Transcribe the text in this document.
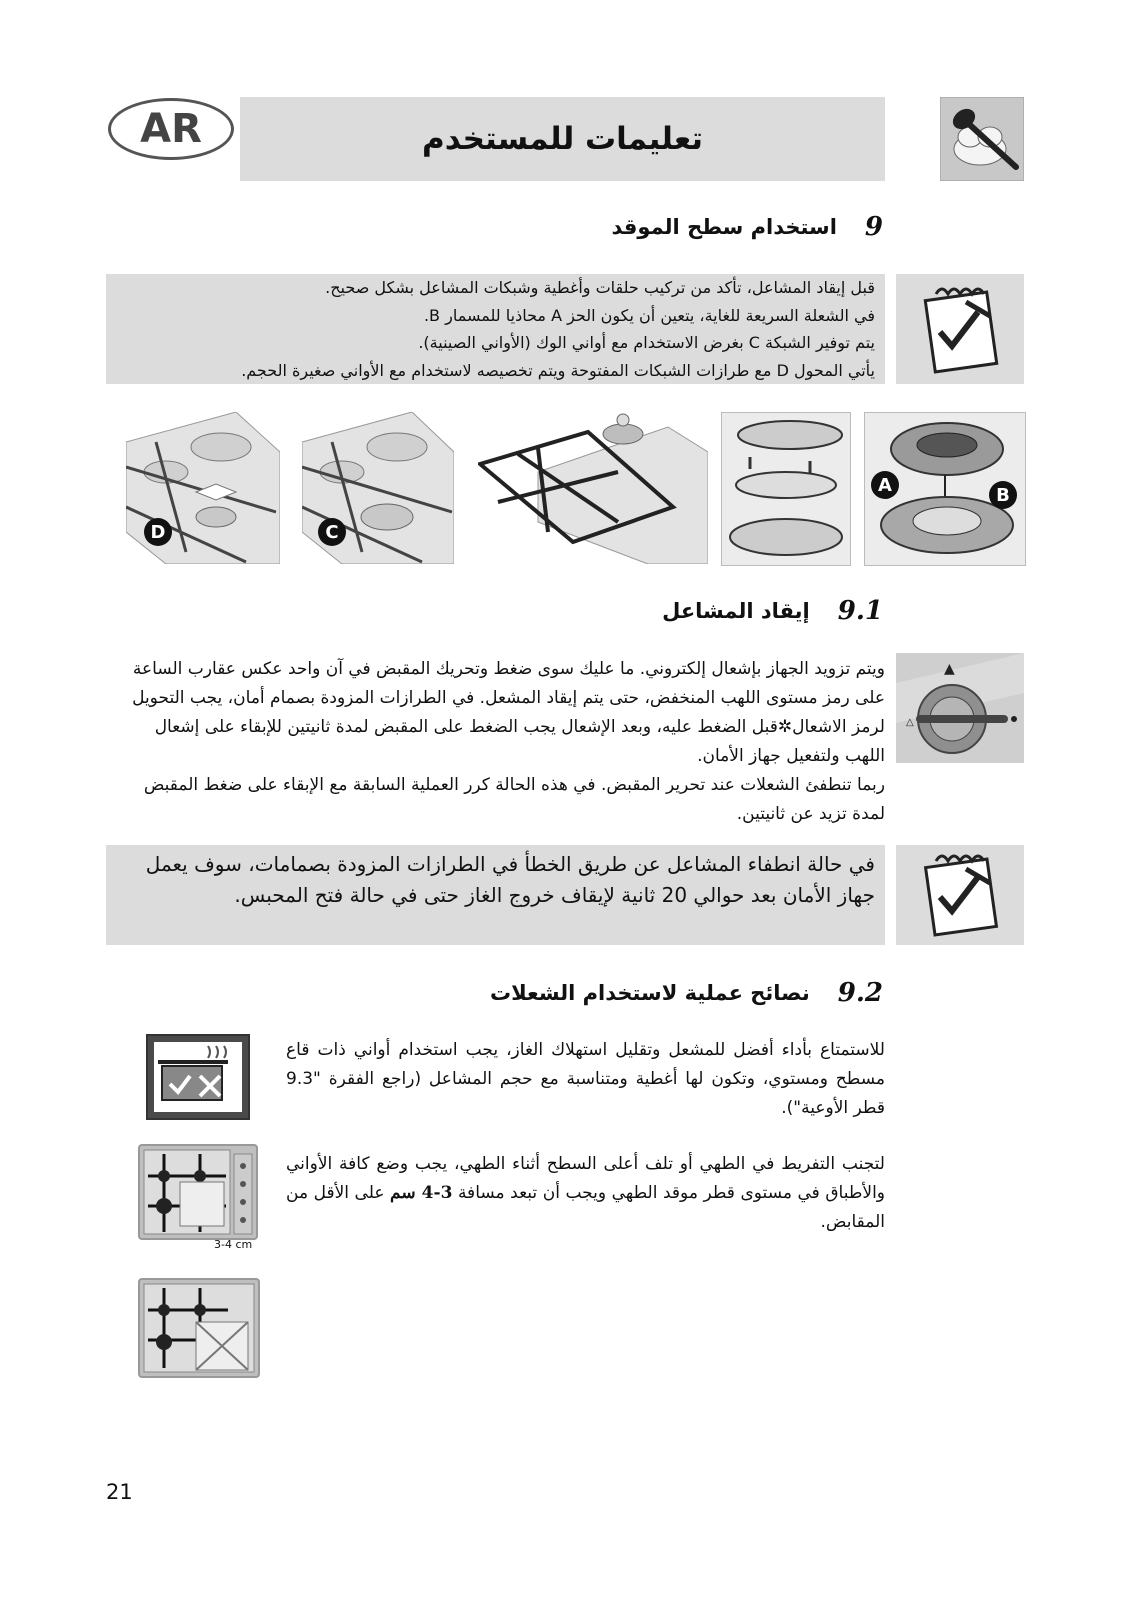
AR	تعليمات للمستخدم
9
استخدام سطح الموقد
قبل إيقاد المشاعل، تأكد من تركيب حلقات وأغطية وشبكات المشاعل بشكل صحيح.
في الشعلة السريعة للغاية، يتعين أن يكون الحز A محاذيا للمسمار B.
يتم توفير الشبكة C بغرض الاستخدام مع أواني الوك (الأواني الصينية).
يأتي المحول D مع طرازات الشبكات المفتوحة ويتم تخصيصه لاستخدام مع الأواني صغيرة الحجم.
D	C
A	B
9.1
إيقاد المشاعل
ويتم تزويد الجهاز بإشعال إلكتروني. ما عليك سوى ضغط وتحريك المقبض في آن واحد عكس عقارب الساعة على رمز مستوى اللهب المنخفض، حتى يتم إيقاد المشعل. في الطرازات المزودة بصمام أمان، يجب التحويل لرمز الاشعال✲قبل الضغط عليه، وبعد الإشعال يجب الضغط على المقبض لمدة ثانيتين للإبقاء على إشعال اللهب ولتفعيل جهاز الأمان.
ربما تنطفئ الشعلات عند تحرير المقبض. في هذه الحالة كرر العملية السابقة مع الإبقاء على ضغط المقبض لمدة تزيد عن ثانيتين.
▲
△
في حالة انطفاء المشاعل عن طريق الخطأ في الطرازات المزودة بصمامات، سوف يعمل جهاز الأمان بعد حوالي 20 ثانية لإيقاف خروج الغاز حتى في حالة فتح المحبس.
9.2
نصائح عملية لاستخدام الشعلات
للاستمتاع بأداء أفضل للمشعل وتقليل استهلاك الغاز، يجب استخدام أواني ذات قاع مسطح ومستوي، وتكون لها أغطية ومتناسبة مع حجم المشاعل (راجع الفقرة "9.3 قطر الأوعية").
لتجنب التفريط في الطهي أو تلف أعلى السطح أثناء الطهي، يجب وضع كافة الأواني والأطباق في مستوى قطر موقد الطهي ويجب أن تبعد مسافة 3-4 سم على الأقل من المقابض.
3-4 cm
21
